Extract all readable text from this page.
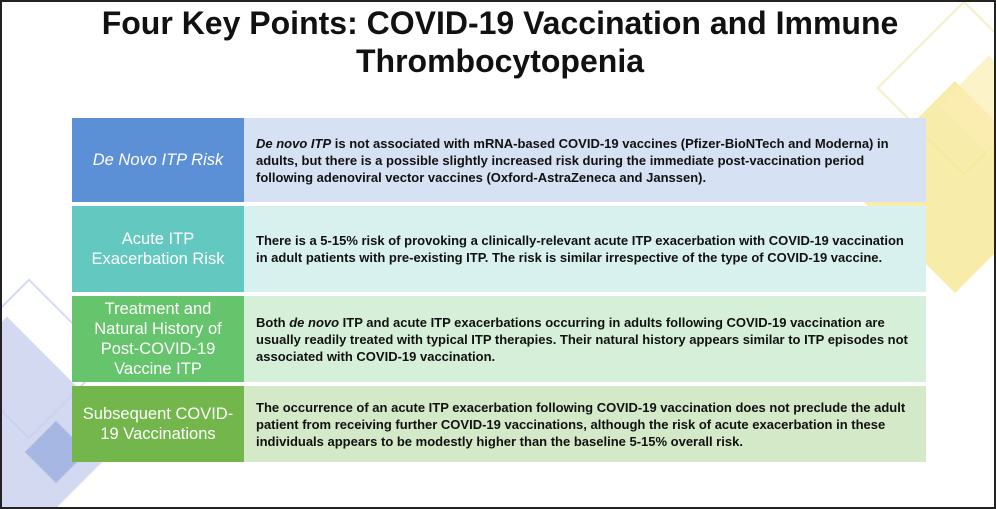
Four Key Points: COVID-19 Vaccination and Immune Thrombocytopenia
De Novo ITP Risk
De novo ITP is not associated with mRNA-based COVID-19 vaccines (Pfizer-BioNTech and Moderna) in adults, but there is a possible slightly increased risk during the immediate post-vaccination period following adenoviral vector vaccines (Oxford-AstraZeneca and Janssen).
Acute ITP Exacerbation Risk
There is a 5-15% risk of provoking a clinically-relevant acute ITP exacerbation with COVID-19 vaccination in adult patients with pre-existing ITP. The risk is similar irrespective of the type of COVID-19 vaccine.
Treatment and Natural History of Post-COVID-19 Vaccine ITP
Both de novo ITP and acute ITP exacerbations occurring in adults following COVID-19 vaccination are usually readily treated with typical ITP therapies. Their natural history appears similar to ITP episodes not associated with COVID-19 vaccination.
Subsequent COVID-19 Vaccinations
The occurrence of an acute ITP exacerbation following COVID-19 vaccination does not preclude the adult patient from receiving further COVID-19 vaccinations, although the risk of acute exacerbation in these individuals appears to be modestly higher than the baseline 5-15% overall risk.
